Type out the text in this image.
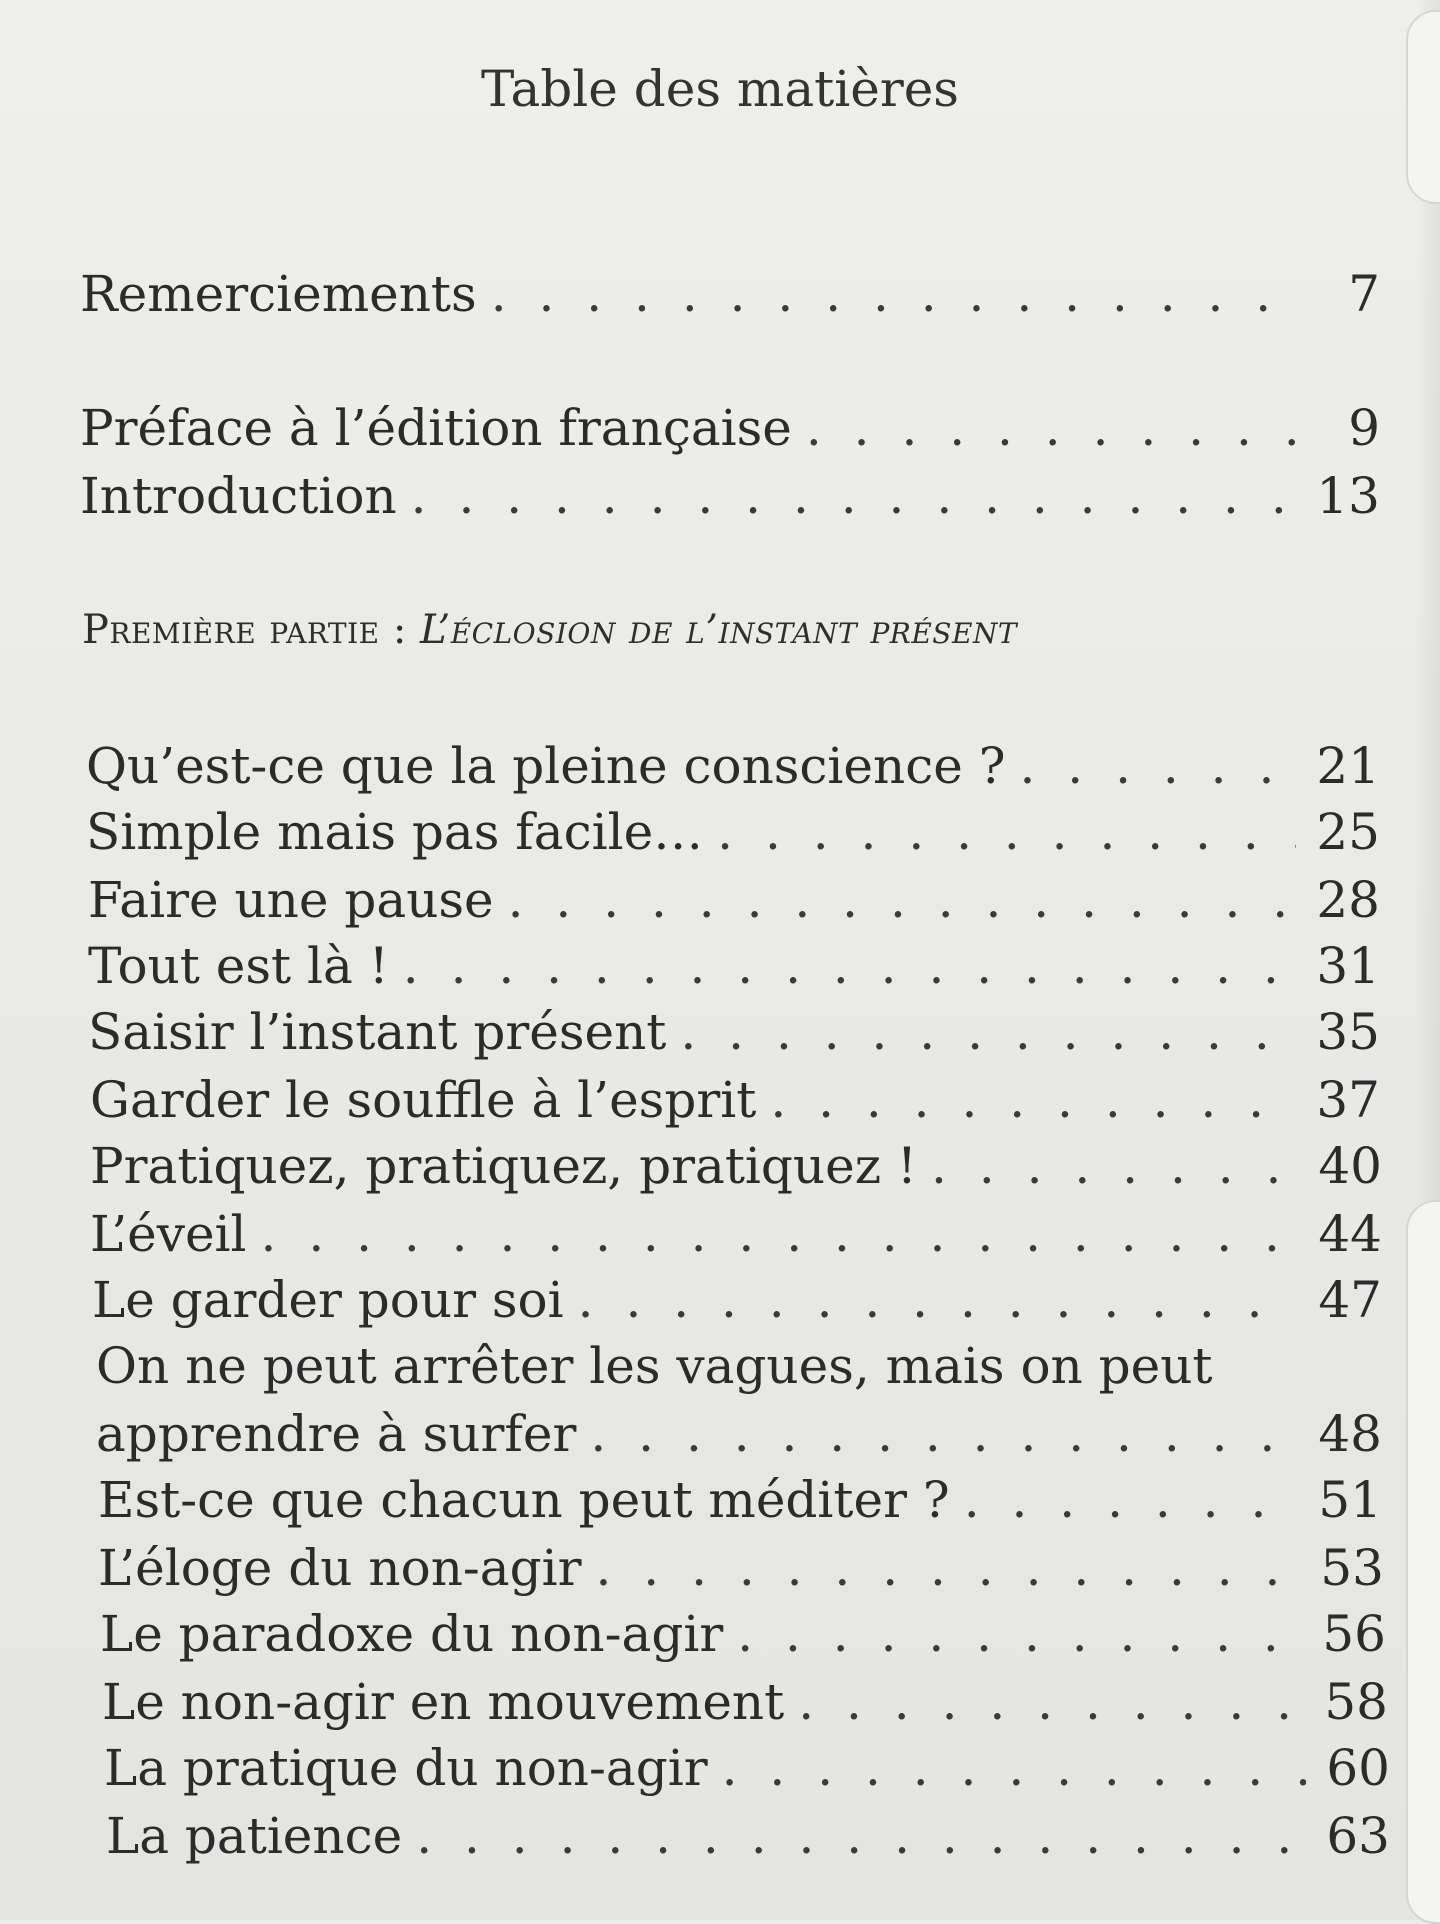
Table des matières
Remerciements . . .	7
Préface à l’édition française . . .	9
Introduction . . .	13
Première partie : L’éclosion de l’instant présent
Qu’est-ce que la pleine conscience ? . . .	21
Simple mais pas facile… . . .	25
Faire une pause . . .	28
Tout est là ! . . .	31
Saisir l’instant présent . . .	35
Garder le souffle à l’esprit . . .	37
Pratiquez, pratiquez, pratiquez ! . . .	40
L’éveil . . .	44
Le garder pour soi . . .	47
On ne peut arrêter les vagues, mais on peut
apprendre à surfer . . .	48
Est-ce que chacun peut méditer ? . . .	51
L’éloge du non-agir . . .	53
Le paradoxe du non-agir . . .	56
Le non-agir en mouvement . . .	58
La pratique du non-agir . . .	60
La patience . . .	63
